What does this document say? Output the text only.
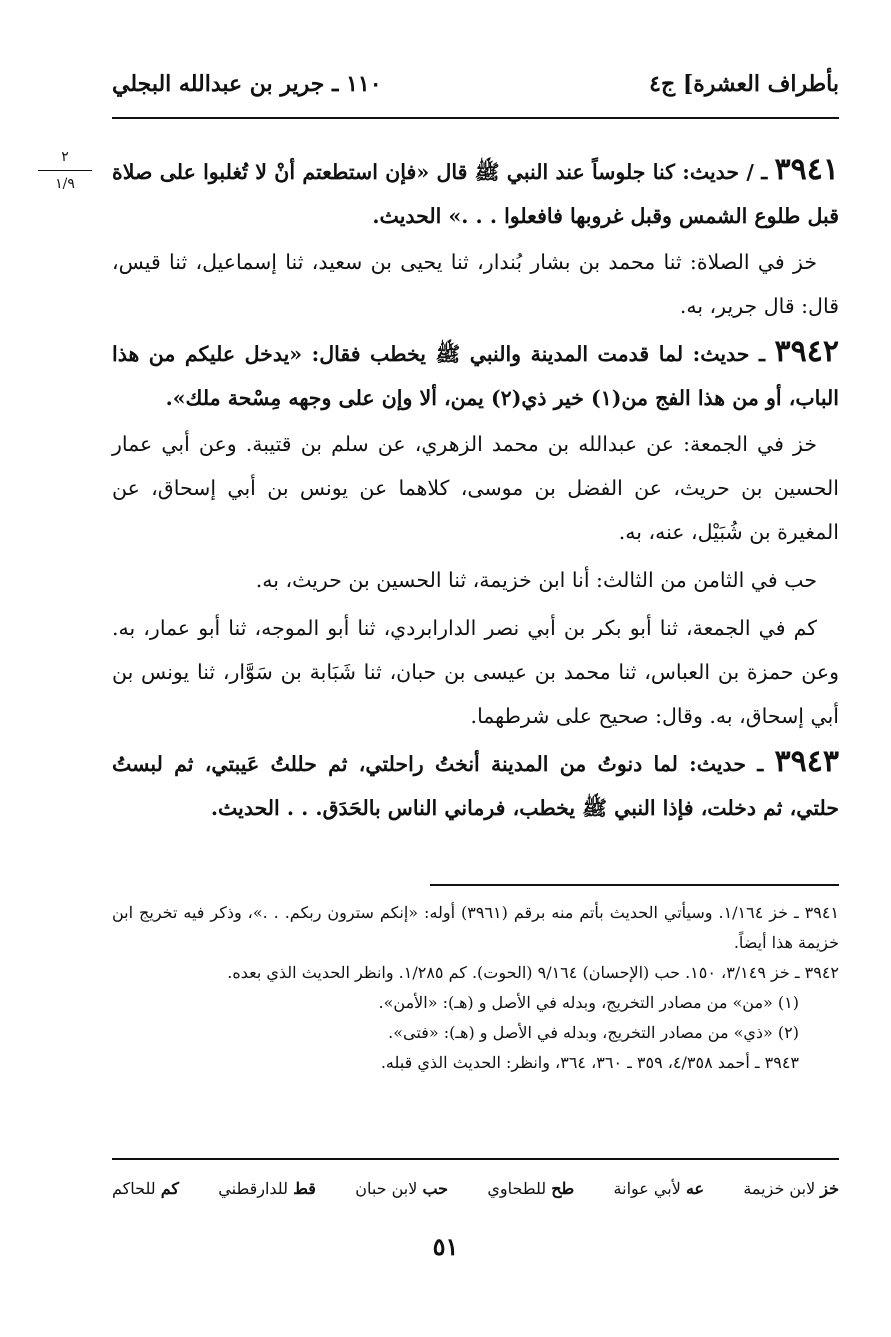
بأطراف العشرة] ج٤
١١٠ ـ جرير بن عبدالله البجلي
٢
١/٩	٣٩٤١ ـ / حديث: كنا جلوساً عند النبي ﷺ قال «فإن استطعتم أنْ لا تُغلبوا على صلاة قبل طلوع الشمس وقبل غروبها فافعلوا . . .» الحديث.

خز في الصلاة: ثنا محمد بن بشار بُندار، ثنا يحيى بن سعيد، ثنا إسماعيل، ثنا قيس، قال: قال جرير، به.

٣٩٤٢ ـ حديث: لما قدمت المدينة والنبي ﷺ يخطب فقال: «يدخل عليكم من هذا الباب، أو من هذا الفج من(١) خير ذي(٢) يمن، ألا وإن على وجهه مِسْحة ملك».

خز في الجمعة: عن عبدالله بن محمد الزهري، عن سلم بن قتيبة. وعن أبي عمار الحسين بن حريث، عن الفضل بن موسى، كلاهما عن يونس بن أبي إسحاق، عن المغيرة بن شُبَيْل، عنه، به.

حب في الثامن من الثالث: أنا ابن خزيمة، ثنا الحسين بن حريث، به.

كم في الجمعة، ثنا أبو بكر بن أبي نصر الدارابردي، ثنا أبو الموجه، ثنا أبو عمار، به. وعن حمزة بن العباس، ثنا محمد بن عيسى بن حبان، ثنا شَبَابة بن سَوَّار، ثنا يونس بن أبي إسحاق، به. وقال: صحيح على شرطهما.

٣٩٤٣ ـ حديث: لما دنوتُ من المدينة أنختُ راحلتي، ثم حللتُ عَيبتي، ثم لبستُ حلتي، ثم دخلت، فإذا النبي ﷺ يخطب، فرماني الناس بالحَدَق. . . الحديث.

٣٩٤١ ـ خز ١/١٦٤. وسيأتي الحديث بأتم منه برقم (٣٩٦١) أوله: «إنكم سترون ربكم. . .»، وذكر فيه تخريج ابن خزيمة هذا أيضاً.

٣٩٤٢ ـ خز ٣/١٤٩، ١٥٠. حب (الإحسان) ٩/١٦٤ (الحوت). كم ١/٢٨٥. وانظر الحديث الذي بعده.

(١) «من» من مصادر التخريج، وبدله في الأصل و (هـ): «الأمن».

(٢) «ذي» من مصادر التخريج، وبدله في الأصل و (هـ): «فتى».

٣٩٤٣ ـ أحمد ٤/٣٥٨، ٣٥٩ ـ ٣٦٠، ٣٦٤، وانظر: الحديث الذي قبله.

خز لابن خزيمة
عه لأبي عوانة
طح للطحاوي
حب لابن حبان
قط للدارقطني
كم للحاكم
٥١
